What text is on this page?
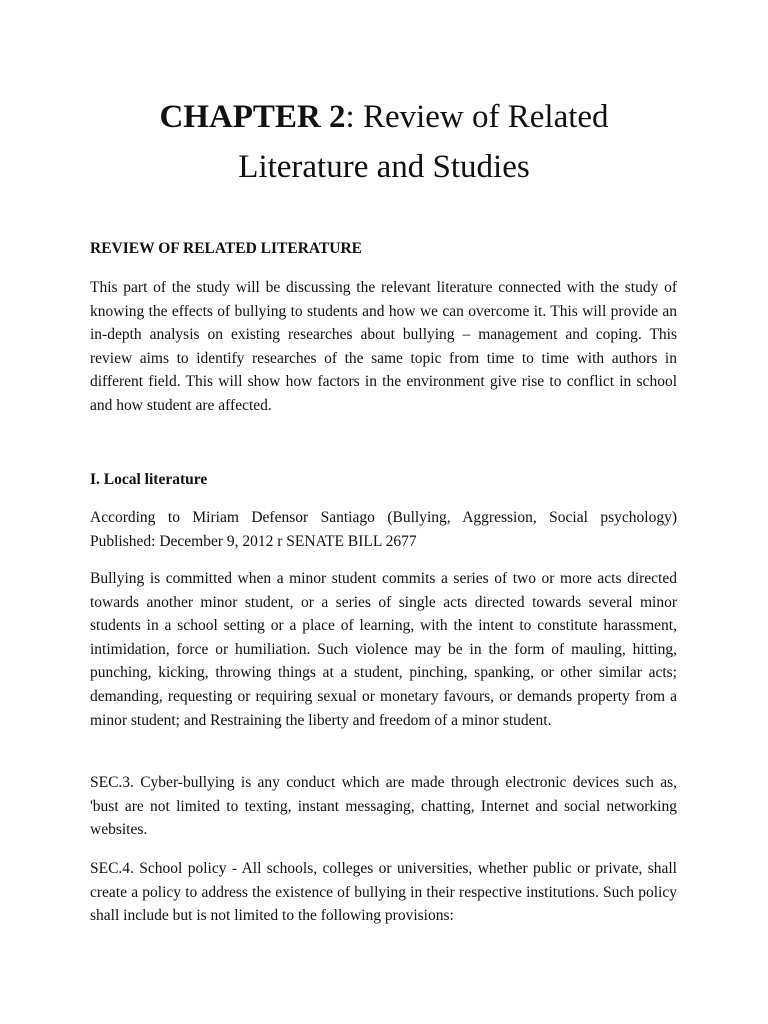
CHAPTER 2: Review of Related
Literature and Studies
REVIEW OF RELATED LITERATURE

This part of the study will be discussing the relevant literature connected with the study of knowing the effects of bullying to students and how we can overcome it. This will provide an in-depth analysis on existing researches about bullying – management and coping. This review aims to identify researches of the same topic from time to time with authors in different field. This will show how factors in the environment give rise to conflict in school and how student are affected.

I. Local literature

According to Miriam Defensor Santiago (Bullying, Aggression, Social psychology) Published: December 9, 2012 r SENATE BILL 2677

Bullying is committed when a minor student commits a series of two or more acts directed towards another minor student, or a series of single acts directed towards several minor students in a school setting or a place of learning, with the intent to constitute harassment, intimidation, force or humiliation. Such violence may be in the form of mauling, hitting, punching, kicking, throwing things at a student, pinching, spanking, or other similar acts; demanding, requesting or requiring sexual or monetary favours, or demands property from a minor student; and Restraining the liberty and freedom of a minor student.

SEC.3. Cyber-bullying is any conduct which are made through electronic devices such as, 'bust are not limited to texting, instant messaging, chatting, Internet and social networking websites.

SEC.4. School policy - All schools, colleges or universities, whether public or private, shall create a policy to address the existence of bullying in their respective institutions. Such policy shall include but is not limited to the following provisions:
